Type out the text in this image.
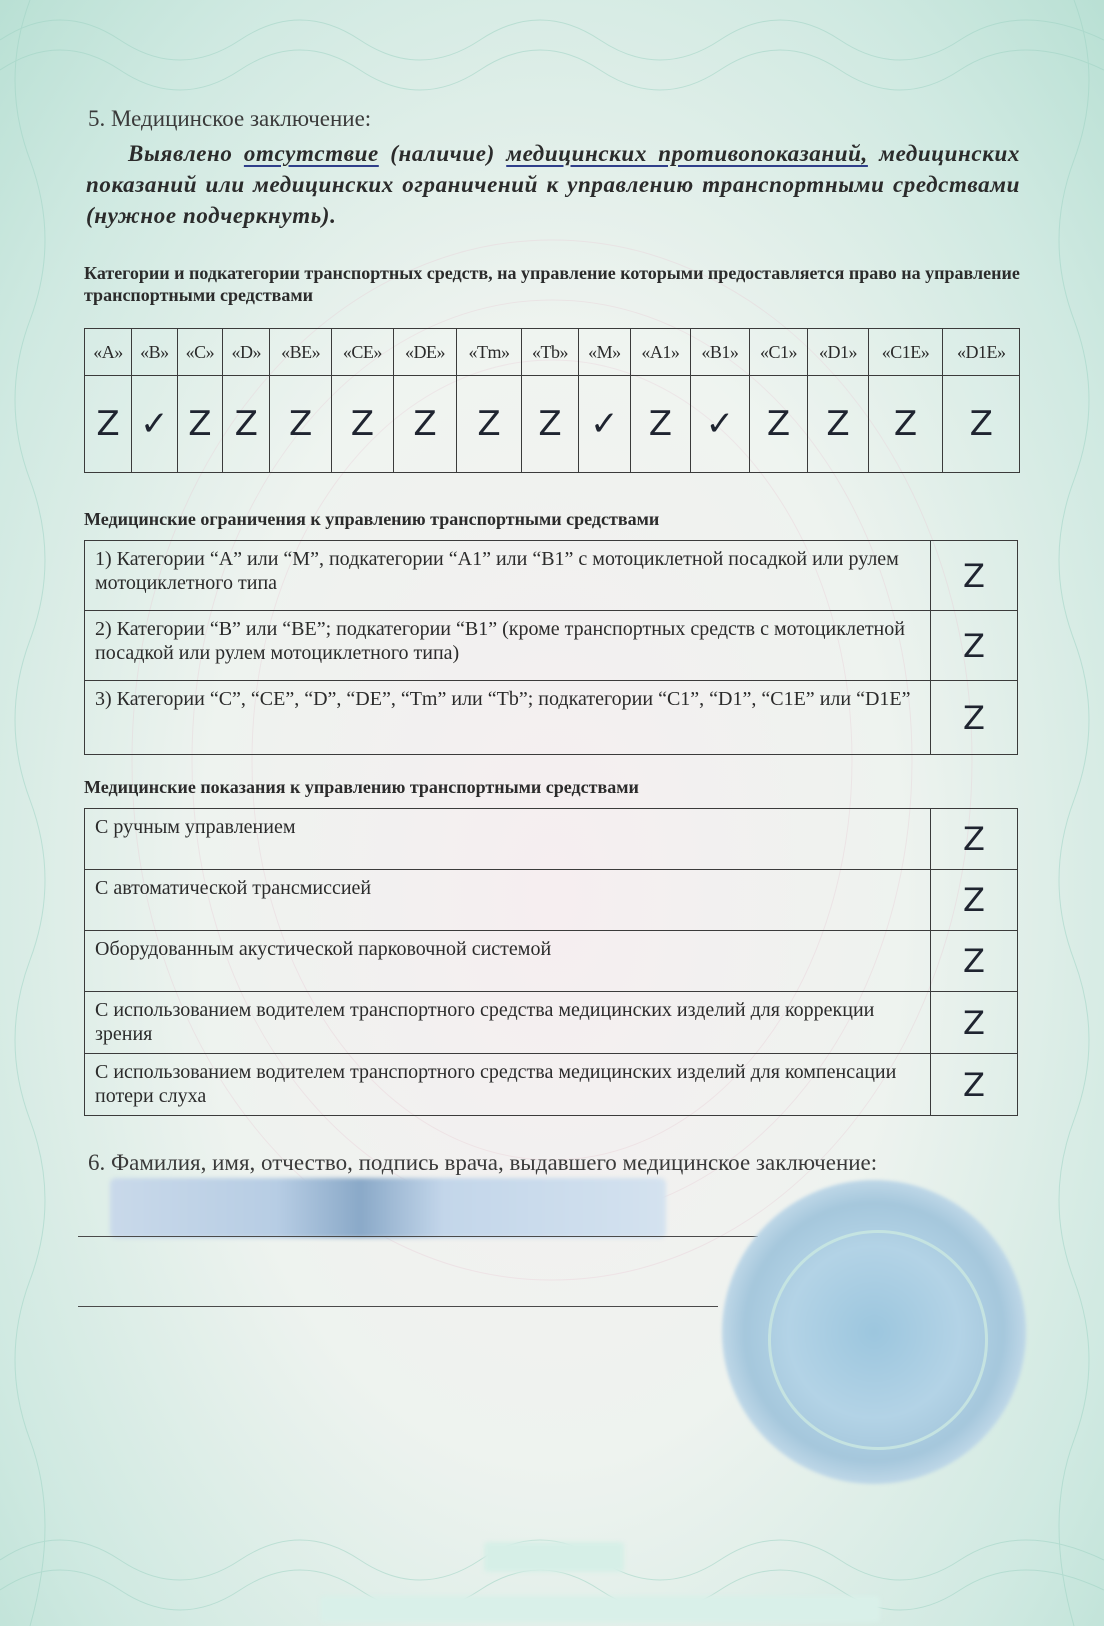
5. Медицинское заключение:
Выявлено отсутствие (наличие) медицинских противопоказаний, медицинских показаний или медицинских ограничений к управлению транспортными средствами (нужное подчеркнуть).
Категории и подкатегории транспортных средств, на управление которыми предоставляется право на управление транспортными средствами
«A»	«B»	«C»	«D»	«BE»	«CE»	«DE»	«Tm»	«Tb»	«M»	«A1»	«B1»	«C1»	«D1»	«C1E»	«D1E»
Z	✓	Z	Z	Z	Z	Z	Z	Z	✓	Z	✓	Z	Z	Z	Z
Медицинские ограничения к управлению транспортными средствами
1) Категории “A” или “M”, подкатегории “A1” или “B1” с мотоциклетной посадкой или рулем мотоциклетного типа	Z
2) Категории “B” или “BE”; подкатегории “B1” (кроме транспортных средств с мотоциклетной посадкой или рулем мотоциклетного типа)	Z
3) Категории “C”, “CE”, “D”, “DE”, “Tm” или “Tb”; подкатегории “C1”, “D1”, “C1E” или “D1E”	Z
Медицинские показания к управлению транспортными средствами
С ручным управлением	Z
С автоматической трансмиссией	Z
Оборудованным акустической парковочной системой	Z
С использованием водителем транспортного средства медицинских изделий для коррекции зрения	Z
С использованием водителем транспортного средства медицинских изделий для компенсации потери слуха	Z
6. Фамилия, имя, отчество, подпись врача, выдавшего медицинское заключение:
